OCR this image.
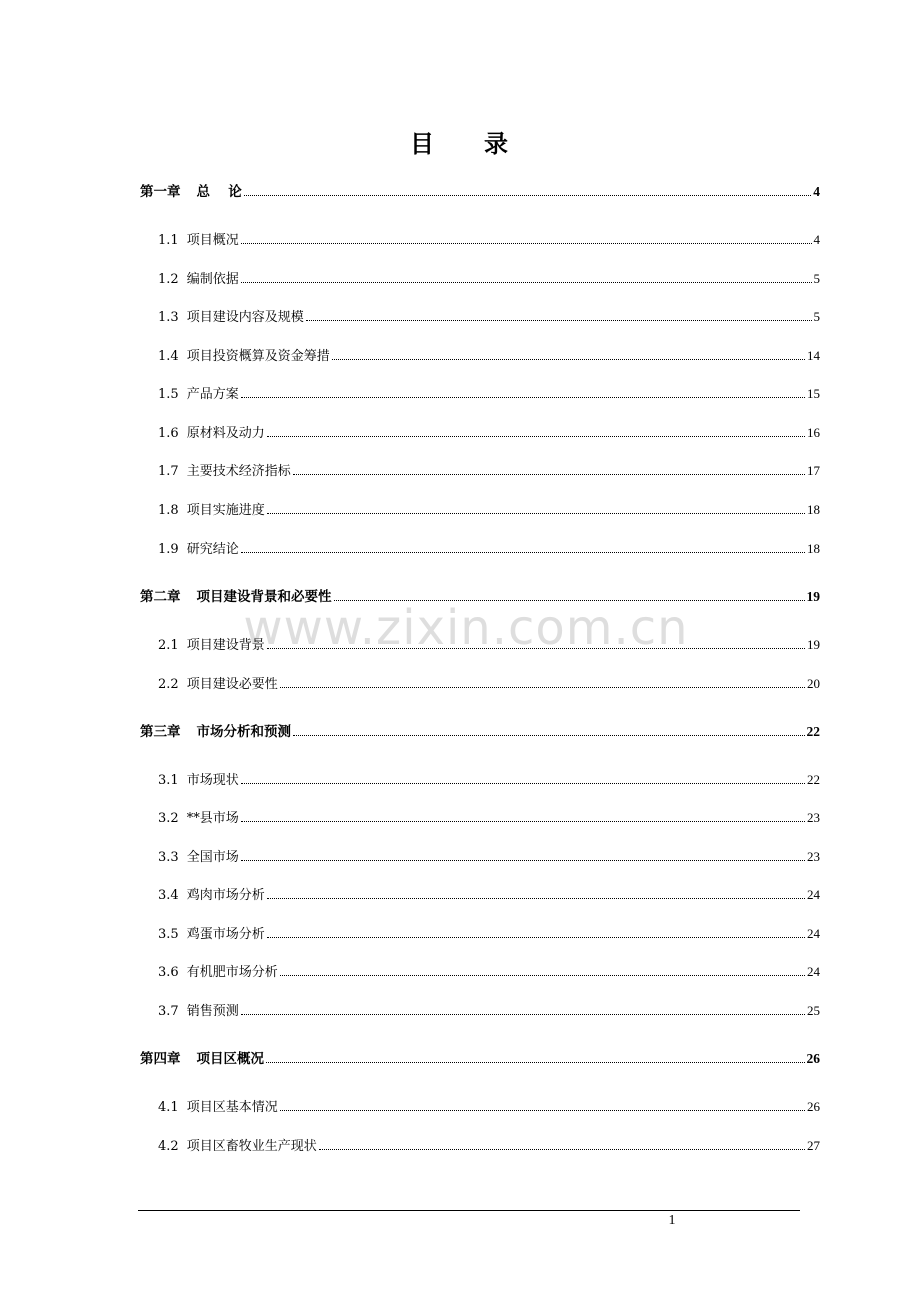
目 录
www.zixin.com.cn
第一章 总　 论	4
1.1 项目概况	4
1.2 编制依据	5
1.3 项目建设内容及规模	5
1.4 项目投资概算及资金筹措	14
1.5 产品方案	15
1.6 原材料及动力	16
1.7 主要技术经济指标	17
1.8 项目实施进度	18
1.9 研究结论	18
第二章 项目建设背景和必要性	19
2.1 项目建设背景	19
2.2 项目建设必要性	20
第三章 市场分析和预测	22
3.1 市场现状	22
3.2 **县市场	23
3.3 全国市场	23
3.4 鸡肉市场分析	24
3.5 鸡蛋市场分析	24
3.6 有机肥市场分析	24
3.7 销售预测	25
第四章 项目区概况	26
4.1 项目区基本情况	26
4.2 项目区畜牧业生产现状	27
1
